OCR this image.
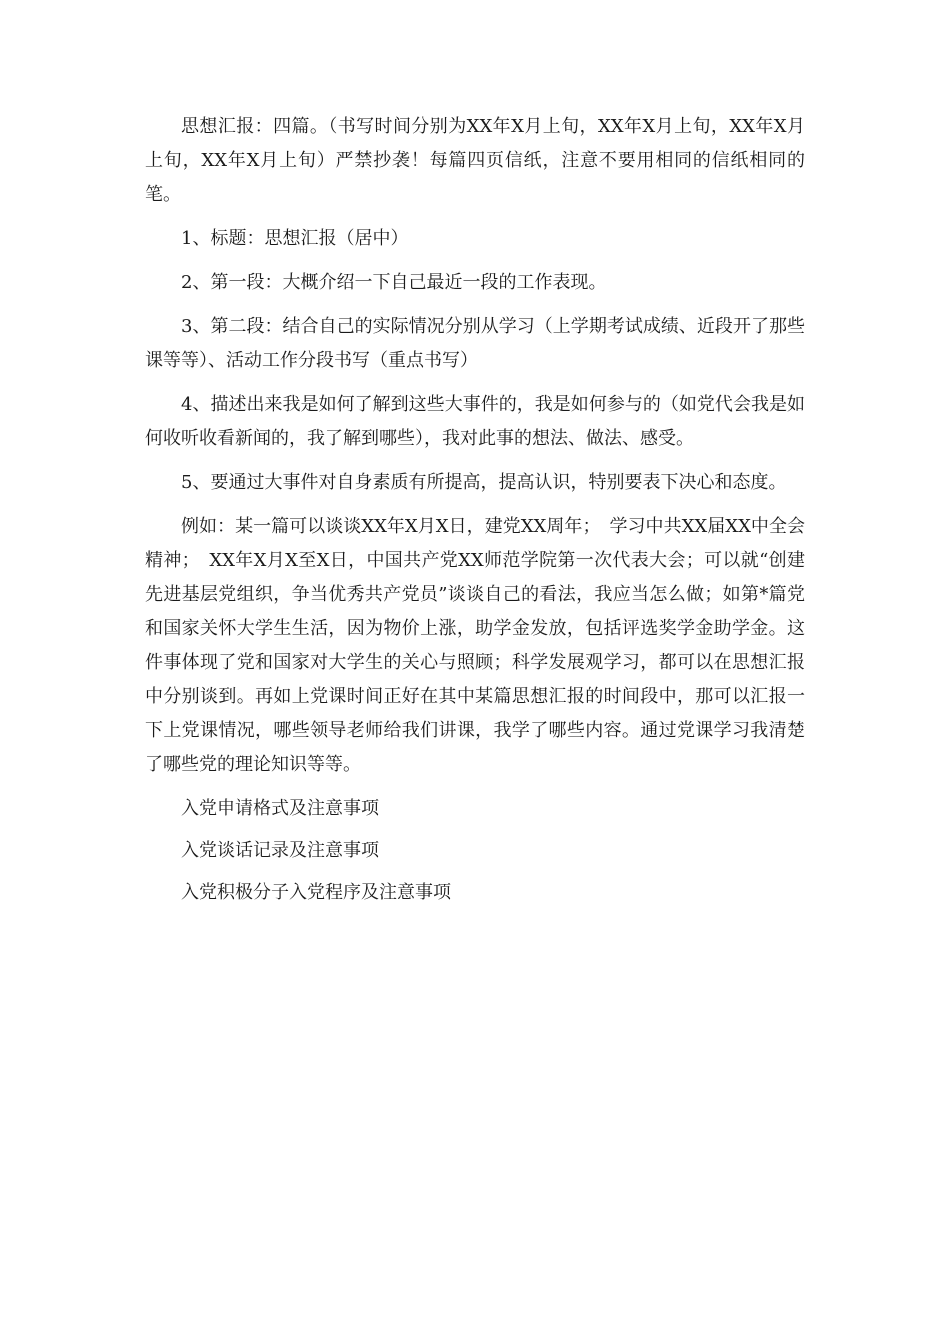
思想汇报：四篇。（书写时间分别为XX年X月上旬，XX年X月上旬，XX年X月上旬，XX年X月上旬）严禁抄袭！每篇四页信纸，注意不要用相同的信纸相同的笔。

1、标题：思想汇报（居中）

2、第一段：大概介绍一下自己最近一段的工作表现。

3、第二段：结合自己的实际情况分别从学习（上学期考试成绩、近段开了那些课等等）、活动工作分段书写（重点书写）

4、描述出来我是如何了解到这些大事件的，我是如何参与的（如党代会我是如何收听收看新闻的，我了解到哪些），我对此事的想法、做法、感受。

5、要通过大事件对自身素质有所提高，提高认识，特别要表下决心和态度。

例如：某一篇可以谈谈XX年X月X日，建党XX周年；　学习中共XX届XX中全会精神；　XX年X月X至X日，中国共产党XX师范学院第一次代表大会；可以就“创建先进基层党组织，争当优秀共产党员”谈谈自己的看法，我应当怎么做；如第*篇党和国家关怀大学生生活，因为物价上涨，助学金发放，包括评选奖学金助学金。这件事体现了党和国家对大学生的关心与照顾；科学发展观学习，都可以在思想汇报中分别谈到。再如上党课时间正好在其中某篇思想汇报的时间段中，那可以汇报一下上党课情况，哪些领导老师给我们讲课，我学了哪些内容。通过党课学习我清楚了哪些党的理论知识等等。

入党申请格式及注意事项

入党谈话记录及注意事项

入党积极分子入党程序及注意事项
